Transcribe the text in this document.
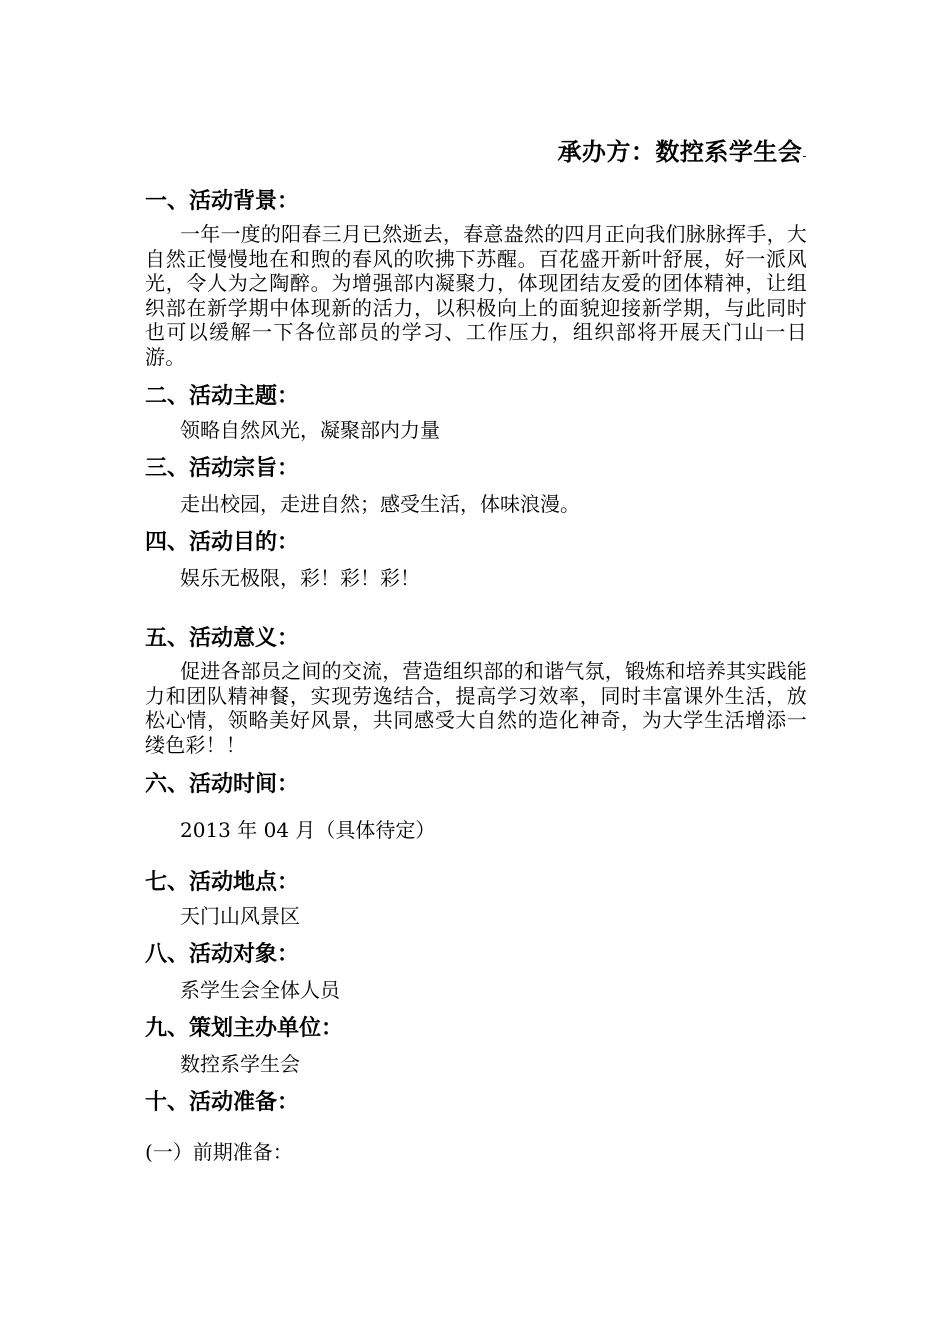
承办方：数控系学生会-
一、活动背景：

一年一度的阳春三月已然逝去，春意盎然的四月正向我们脉脉挥手，大自然正慢慢地在和煦的春风的吹拂下苏醒。百花盛开新叶舒展，好一派风光，令人为之陶醉。为增强部内凝聚力，体现团结友爱的团体精神，让组织部在新学期中体现新的活力，以积极向上的面貌迎接新学期，与此同时也可以缓解一下各位部员的学习、工作压力，组织部将开展天门山一日游。

二、活动主题：

领略自然风光，凝聚部内力量

三、活动宗旨：

走出校园，走进自然；感受生活，体味浪漫。

四、活动目的：

娱乐无极限，彩！彩！彩！

五、活动意义：

促进各部员之间的交流，营造组织部的和谐气氛，锻炼和培养其实践能力和团队精神餐，实现劳逸结合，提高学习效率，同时丰富课外生活，放松心情，领略美好风景，共同感受大自然的造化神奇，为大学生活增添一缕色彩！！

六、活动时间：

2013 年 04 月（具体待定）

七、活动地点：

天门山风景区

八、活动对象：

系学生会全体人员

九、策划主办单位：

数控系学生会

十、活动准备：

(一）前期准备：
